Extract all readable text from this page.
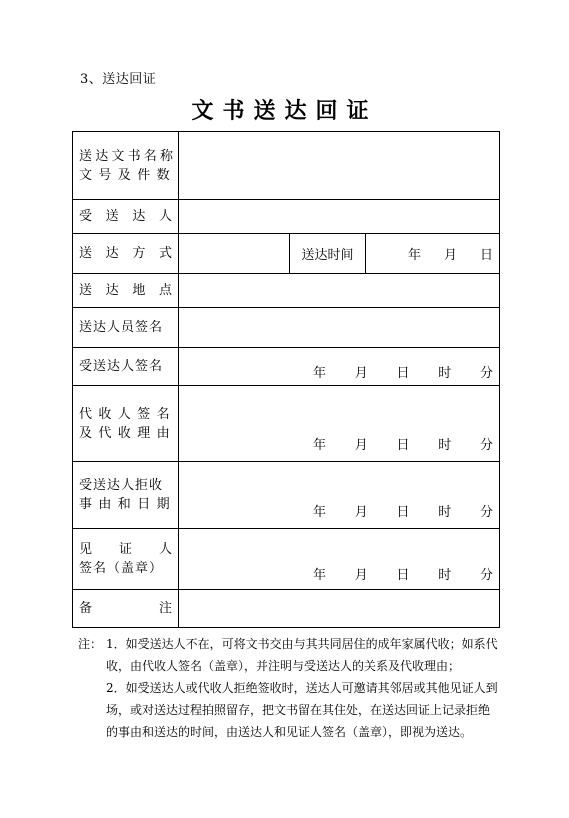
3、送达回证
文书送达回证
送达文书名称
文号及件数			

受 送 达 人			

送 达 方 式		送达时间	年 月 日

送 达 地 点			

送达人员签名			

受送达人签名	年 月 日 时 分		

代收人签名
及代收理由	年 月 日 时 分		

受送达人拒收
事由和日期	年 月 日 时 分		

见 证 人
签名（盖章）	年 月 日 时 分		

备 注			

注： 1．如受送达人不在，可将文书交由与其共同居住的成年家属代收；如系代
收，由代收人签名（盖章），并注明与受送达人的关系及代收理由；
2．如受送达人或代收人拒绝签收时，送达人可邀请其邻居或其他见证人到
场，或对送达过程拍照留存，把文书留在其住处，在送达回证上记录拒绝
的事由和送达的时间，由送达人和见证人签名（盖章），即视为送达。
